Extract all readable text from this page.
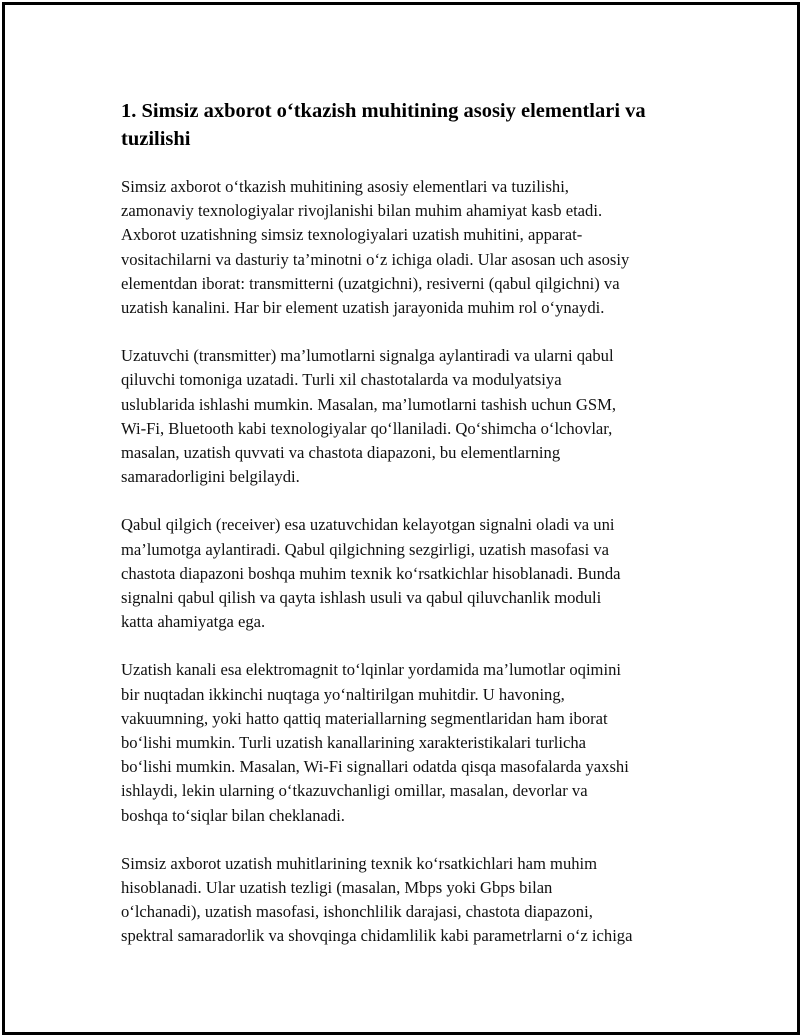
1. Simsiz axborot o‘tkazish muhitining asosiy elementlari va
tuzilishi

Simsiz axborot o‘tkazish muhitining asosiy elementlari va tuzilishi,
zamonaviy texnologiyalar rivojlanishi bilan muhim ahamiyat kasb etadi.
Axborot uzatishning simsiz texnologiyalari uzatish muhitini, apparat-
vositachilarni va dasturiy ta’minotni o‘z ichiga oladi. Ular asosan uch asosiy
elementdan iborat: transmitterni (uzatgichni), resiverni (qabul qilgichni) va
uzatish kanalini. Har bir element uzatish jarayonida muhim rol o‘ynaydi.

Uzatuvchi (transmitter) ma’lumotlarni signalga aylantiradi va ularni qabul
qiluvchi tomoniga uzatadi. Turli xil chastotalarda va modulyatsiya
uslublarida ishlashi mumkin. Masalan, ma’lumotlarni tashish uchun GSM,
Wi-Fi, Bluetooth kabi texnologiyalar qo‘llaniladi. Qo‘shimcha o‘lchovlar,
masalan, uzatish quvvati va chastota diapazoni, bu elementlarning
samaradorligini belgilaydi.

Qabul qilgich (receiver) esa uzatuvchidan kelayotgan signalni oladi va uni
ma’lumotga aylantiradi. Qabul qilgichning sezgirligi, uzatish masofasi va
chastota diapazoni boshqa muhim texnik ko‘rsatkichlar hisoblanadi. Bunda
signalni qabul qilish va qayta ishlash usuli va qabul qiluvchanlik moduli
katta ahamiyatga ega.

Uzatish kanali esa elektromagnit to‘lqinlar yordamida ma’lumotlar oqimini
bir nuqtadan ikkinchi nuqtaga yo‘naltirilgan muhitdir. U havoning,
vakuumning, yoki hatto qattiq materiallarning segmentlaridan ham iborat
bo‘lishi mumkin. Turli uzatish kanallarining xarakteristikalari turlicha
bo‘lishi mumkin. Masalan, Wi-Fi signallari odatda qisqa masofalarda yaxshi
ishlaydi, lekin ularning o‘tkazuvchanligi omillar, masalan, devorlar va
boshqa to‘siqlar bilan cheklanadi.

Simsiz axborot uzatish muhitlarining texnik ko‘rsatkichlari ham muhim
hisoblanadi. Ular uzatish tezligi (masalan, Mbps yoki Gbps bilan
o‘lchanadi), uzatish masofasi, ishonchlilik darajasi, chastota diapazoni,
spektral samaradorlik va shovqinga chidamlilik kabi parametrlarni o‘z ichiga
